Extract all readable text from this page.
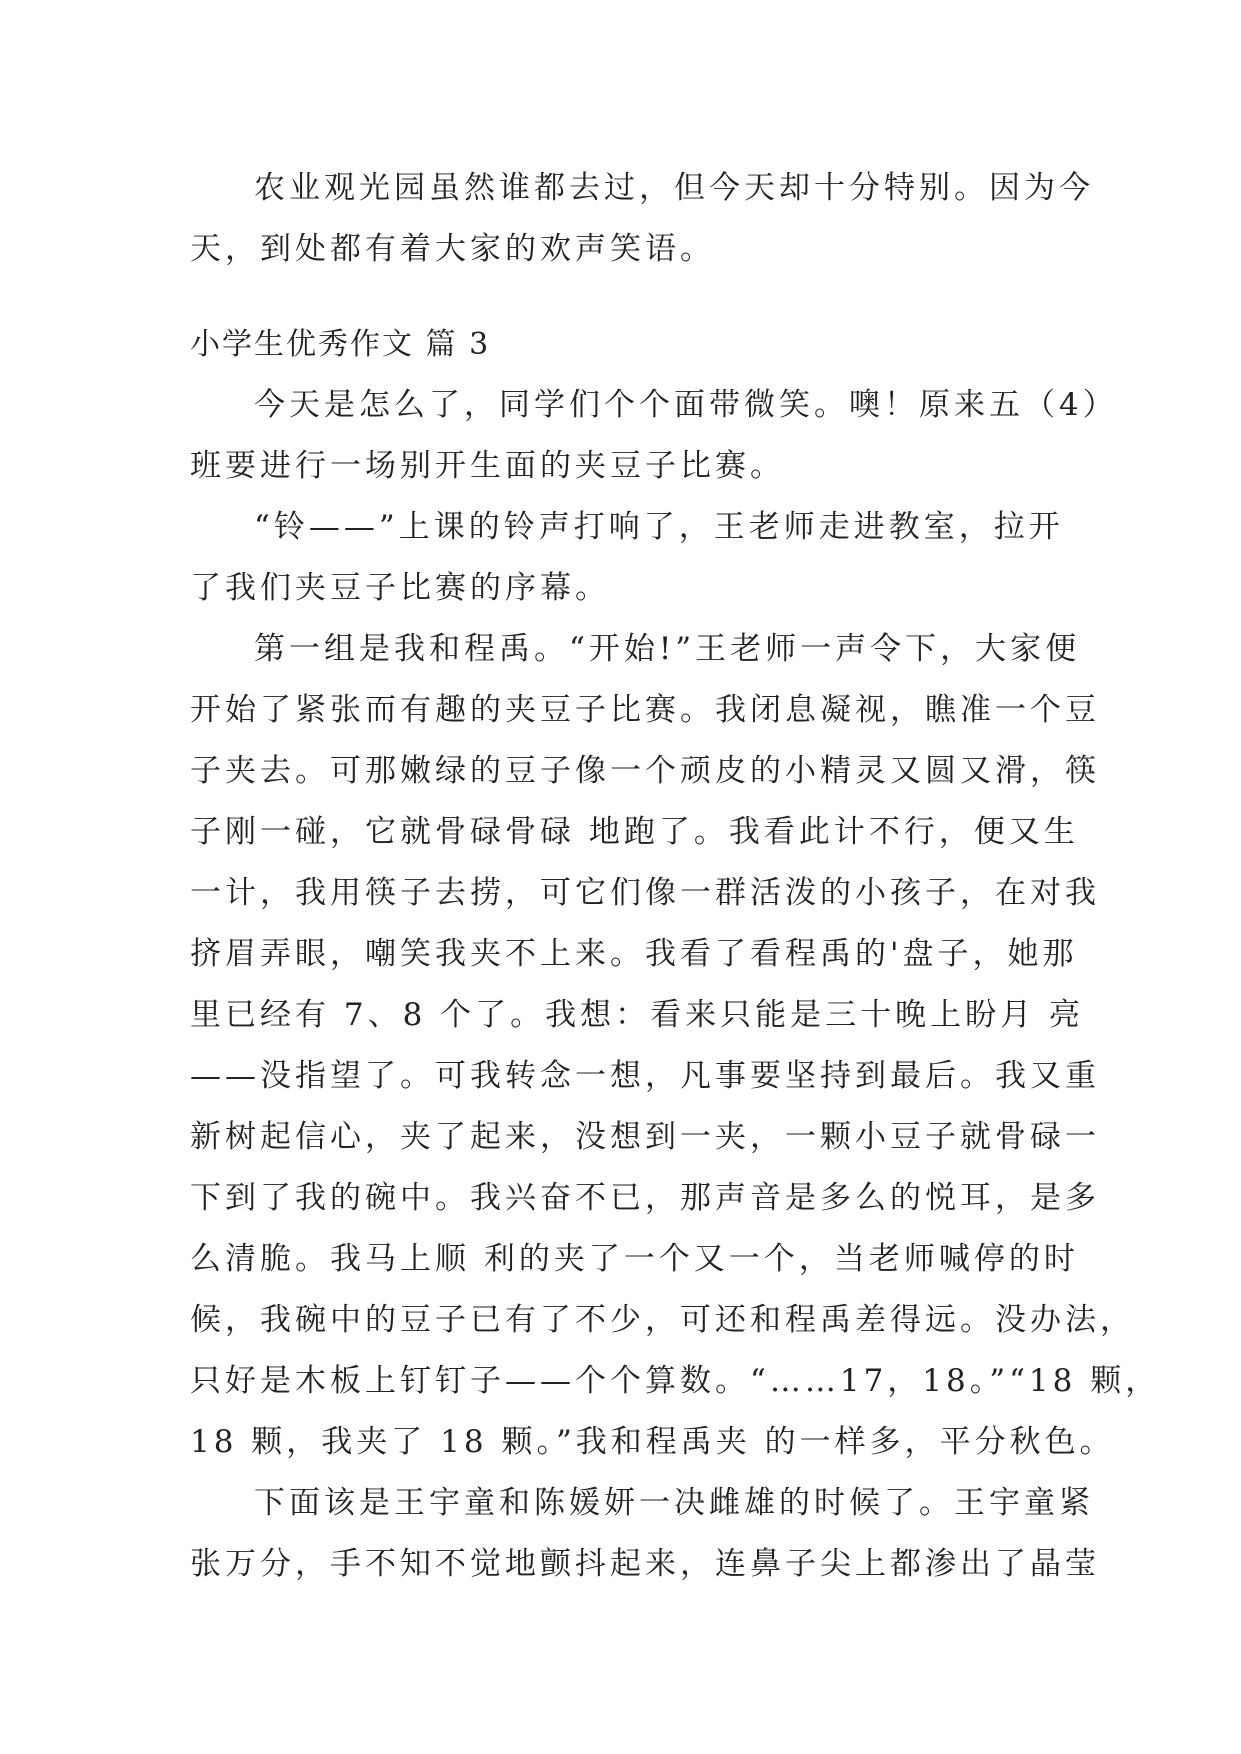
农业观光园虽然谁都去过，但今天却十分特别。因为今
天，到处都有着大家的欢声笑语。

小学生优秀作文 篇 3

今天是怎么了，同学们个个面带微笑。噢！原来五（4）
班要进行一场别开生面的夹豆子比赛。

“铃——”上课的铃声打响了，王老师走进教室，拉开
了我们夹豆子比赛的序幕。

第一组是我和程禹。“开始!”王老师一声令下，大家便
开始了紧张而有趣的夹豆子比赛。我闭息凝视，瞧准一个豆
子夹去。可那嫩绿的豆子像一个顽皮的小精灵又圆又滑，筷
子刚一碰，它就骨碌骨碌 地跑了。我看此计不行，便又生
一计，我用筷子去捞，可它们像一群活泼的小孩子，在对我
挤眉弄眼，嘲笑我夹不上来。我看了看程禹的'盘子，她那
里已经有 7、8 个了。我想：看来只能是三十晚上盼月 亮
——没指望了。可我转念一想，凡事要坚持到最后。我又重
新树起信心，夹了起来，没想到一夹，一颗小豆子就骨碌一
下到了我的碗中。我兴奋不已，那声音是多么的悦耳，是多
么清脆。我马上顺 利的夹了一个又一个，当老师喊停的时
候，我碗中的豆子已有了不少，可还和程禹差得远。没办法，
只好是木板上钉钉子——个个算数。“……17，18。”“18 颗，
18 颗，我夹了 18 颗。”我和程禹夹 的一样多，平分秋色。

下面该是王宇童和陈媛妍一决雌雄的时候了。王宇童紧
张万分，手不知不觉地颤抖起来，连鼻子尖上都渗出了晶莹
